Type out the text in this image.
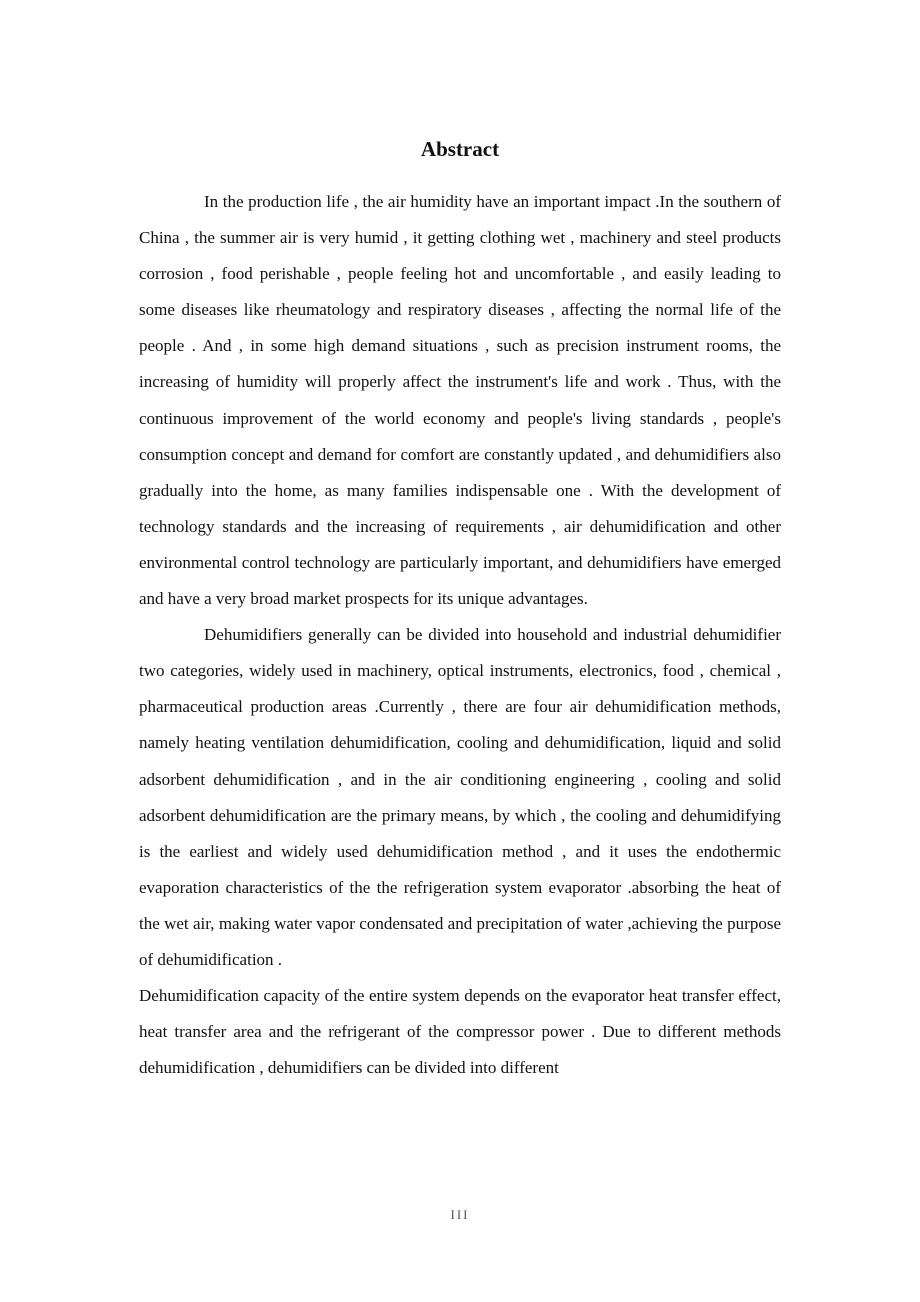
Abstract

In the production life , the air humidity have an important impact .In the southern of China , the summer air is very humid , it getting clothing wet , machinery and steel products corrosion , food perishable , people feeling hot and uncomfortable , and easily leading to some diseases like rheumatology and respiratory diseases , affecting the normal life of the people . And , in some high demand situations , such as precision instrument rooms, the increasing of humidity will properly affect the instrument's life and work . Thus, with the continuous improvement of the world economy and people's living standards , people's consumption concept and demand for comfort are constantly updated , and dehumidifiers also gradually into the home, as many families indispensable one . With the development of technology standards and the increasing of requirements , air dehumidification and other environmental control technology are particularly important, and dehumidifiers have emerged and have a very broad market prospects for its unique advantages.

Dehumidifiers generally can be divided into household and industrial dehumidifier two categories, widely used in machinery, optical instruments, electronics, food , chemical , pharmaceutical production areas .Currently , there are four air dehumidification methods, namely heating ventilation dehumidification, cooling and dehumidification, liquid and solid adsorbent dehumidification , and in the air conditioning engineering , cooling and solid adsorbent dehumidification are the primary means, by which , the cooling and dehumidifying is the earliest and widely used dehumidification method , and it uses the endothermic evaporation characteristics of the the refrigeration system evaporator .absorbing the heat of the wet air, making water vapor condensated and precipitation of water ,achieving the purpose of dehumidification .

Dehumidification capacity of the entire system depends on the evaporator heat transfer effect, heat transfer area and the refrigerant of the compressor power . Due to different methods dehumidification , dehumidifiers can be divided into different

III
